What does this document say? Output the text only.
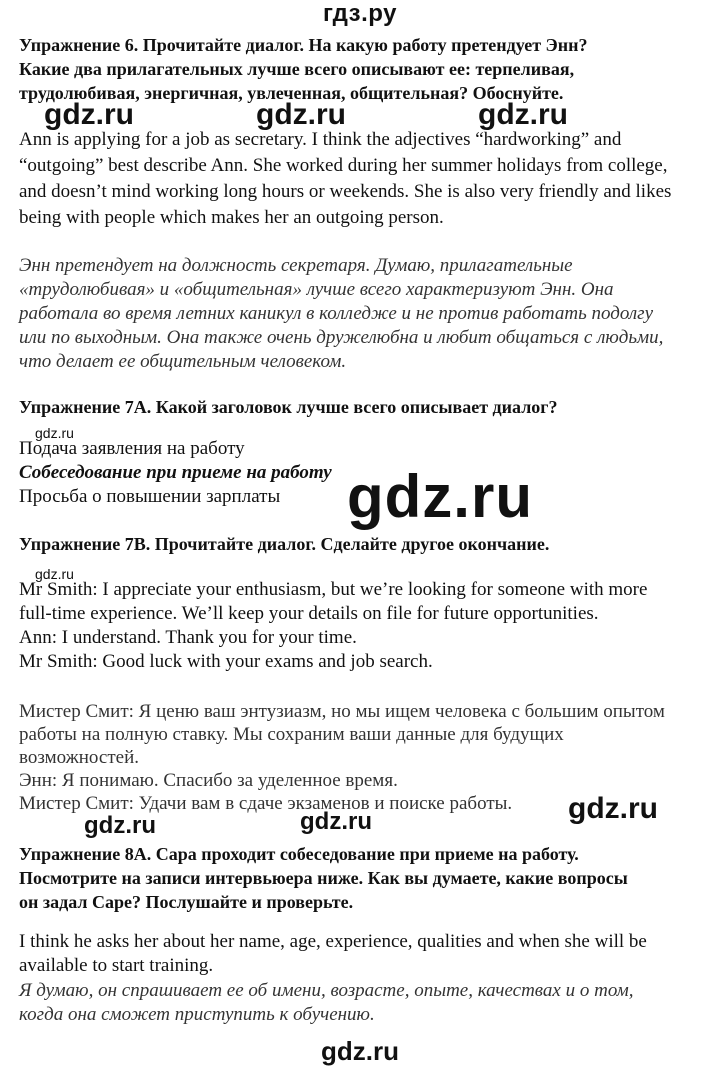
гдз.ру
Упражнение 6. Прочитайте диалог. На какую работу претендует Энн?
Какие два прилагательных лучше всего описывают ее: терпеливая,
трудолюбивая, энергичная, увлеченная, общительная? Обоснуйте.
gdz.ru	gdz.ru	gdz.ru
Ann is applying for a job as secretary. I think the adjectives “hardworking” and
“outgoing” best describe Ann. She worked during her summer holidays from college,
and doesn’t mind working long hours or weekends. She is also very friendly and likes
being with people which makes her an outgoing person.
Энн претендует на должность секретаря. Думаю, прилагательные
«трудолюбивая» и «общительная» лучше всего характеризуют Энн. Она
работала во время летних каникул в колледже и не против работать подолгу
или по выходным. Она также очень дружелюбна и любит общаться с людьми,
что делает ее общительным человеком.
Упражнение 7A. Какой заголовок лучше всего описывает диалог?
gdz.ru
Подача заявления на работу
Собеседование при приеме на работу
Просьба о повышении зарплаты	gdz.ru
Упражнение 7B. Прочитайте диалог. Сделайте другое окончание.
gdz.ru
Mr Smith: I appreciate your enthusiasm, but we’re looking for someone with more
full-time experience. We’ll keep your details on file for future opportunities.
Ann: I understand. Thank you for your time.
Mr Smith: Good luck with your exams and job search.
Мистер Смит: Я ценю ваш энтузиазм, но мы ищем человека с большим опытом
работы на полную ставку. Мы сохраним ваши данные для будущих
возможностей.
Энн: Я понимаю. Спасибо за уделенное время.
Мистер Смит: Удачи вам в сдаче экзаменов и поиске работы.	gdz.ru
gdz.ru	gdz.ru
Упражнение 8A. Сара проходит собеседование при приеме на работу.
Посмотрите на записи интервьюера ниже. Как вы думаете, какие вопросы
он задал Саре? Послушайте и проверьте.
I think he asks her about her name, age, experience, qualities and when she will be
available to start training.
Я думаю, он спрашивает ее об имени, возрасте, опыте, качествах и о том,
когда она сможет приступить к обучению.
gdz.ru
